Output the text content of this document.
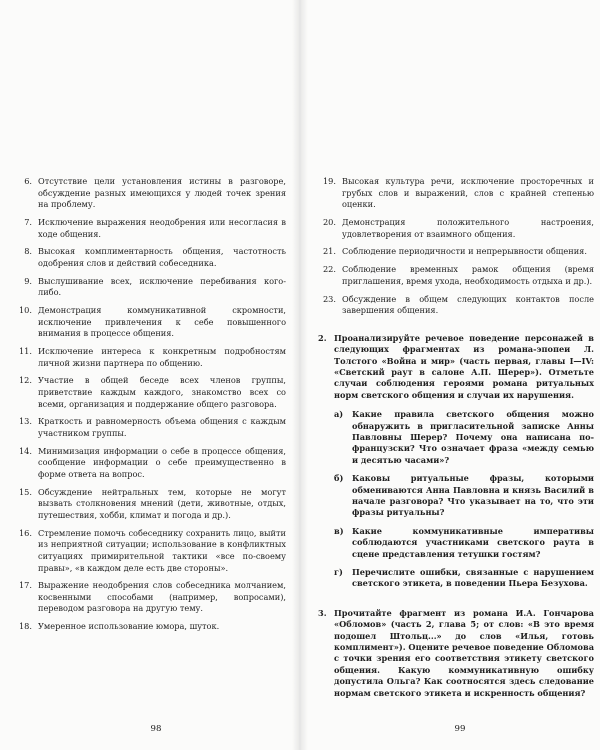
6. Отсутствие цели установления истины в разговоре, обсуждение разных имеющихся у людей точек зрения на проблему.
7. Исключение выражения неодобрения или несогласия в ходе общения.
8. Высокая комплиментарность общения, частотность одобрения слов и действий собеседника.
9. Выслушивание всех, исключение перебивания кого-либо.
10. Демонстрация коммуникативной скромности, исключение привлечения к себе повышенного внимания в процессе общения.
11. Исключение интереса к конкретным подробностям личной жизни партнера по общению.
12. Участие в общей беседе всех членов группы, приветствие каждым каждого, знакомство всех со всеми, организация и поддержание общего разговора.
13. Краткость и равномерность объема общения с каждым участником группы.
14. Минимизация информации о себе в процессе общения, сообщение информации о себе преимущественно в форме ответа на вопрос.
15. Обсуждение нейтральных тем, которые не могут вызвать столкновения мнений (дети, животные, отдых, путешествия, хобби, климат и погода и др.).
16. Стремление помочь собеседнику сохранить лицо, выйти из неприятной ситуации; использование в конфликтных ситуациях примирительной тактики «все по-своему правы», «в каждом деле есть две стороны».
17. Выражение неодобрения слов собеседника молчанием, косвенными способами (например, вопросами), переводом разговора на другую тему.
18. Умеренное использование юмора, шуток.
19. Высокая культура речи, исключение просторечных и грубых слов и выражений, слов с крайней степенью оценки.
20. Демонстрация положительного настроения, удовлетворения от взаимного общения.
21. Соблюдение периодичности и непрерывности общения.
22. Соблюдение временных рамок общения (время приглашения, время ухода, необходимость отдыха и др.).
23. Обсуждение в общем следующих контактов после завершения общения.
2. Проанализируйте речевое поведение персонажей в следующих фрагментах из романа-эпопеи Л. Толстого «Война и мир» (часть первая, главы I—IV: «Светский раут в салоне А.П. Шерер»). Отметьте случаи соблюдения героями романа ритуальных норм светского общения и случаи их нарушения.
а) Какие правила светского общения можно обнаружить в пригласительной записке Анны Павловны Шерер? Почему она написана по-французски? Что означает фраза «между семью и десятью часами»?
б) Каковы ритуальные фразы, которыми обмениваются Анна Павловна и князь Василий в начале разговора? Что указывает на то, что эти фразы ритуальны?
в) Какие коммуникативные императивы соблюдаются участниками светского раута в сцене представления тетушки гостям?
г) Перечислите ошибки, связанные с нарушением светского этикета, в поведении Пьера Безухова.
3. Прочитайте фрагмент из романа И.А. Гончарова «Обломов» (часть 2, глава 5; от слов: «В это время подошел Штольц...» до слов «Илья, готовь комплимент»). Оцените речевое поведение Обломова с точки зрения его соответствия этикету светского общения. Какую коммуникативную ошибку допустила Ольга? Как соотносятся здесь следование нормам светского этикета и искренность общения?
98	99
